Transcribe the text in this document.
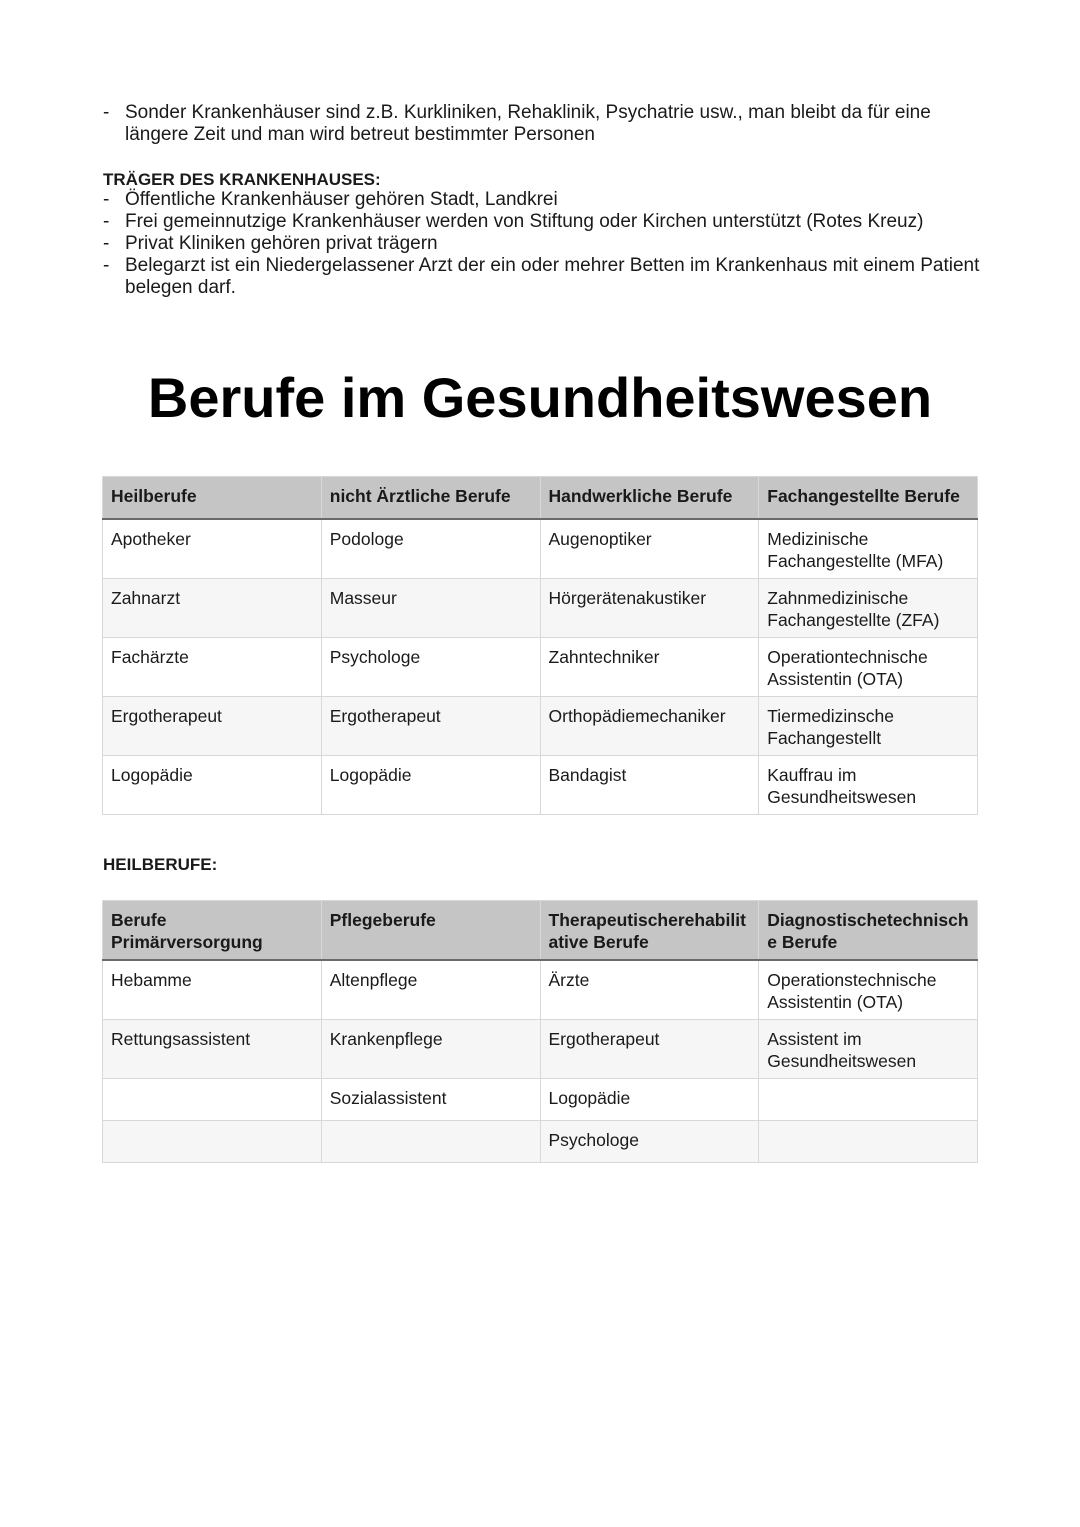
- Sonder Krankenhäuser sind z.B. Kurkliniken, Rehaklinik, Psychatrie usw., man bleibt da für eine längere Zeit und man wird betreut bestimmter Personen
TRÄGER DES KRANKENHAUSES:
- Öffentliche Krankenhäuser gehören Stadt, Landkrei
- Frei gemeinnutzige Krankenhäuser werden von Stiftung oder Kirchen unterstützt (Rotes Kreuz)
- Privat Kliniken gehören privat trägern
- Belegarzt ist ein Niedergelassener Arzt der ein oder mehrer Betten im Krankenhaus mit einem Patient belegen darf.
Berufe im Gesundheitswesen
Heilberufe	nicht Ärztliche Berufe	Handwerkliche Berufe	Fachangestellte Berufe
Apotheker	Podologe	Augenoptiker	Medizinische Fachangestellte (MFA)
Zahnarzt	Masseur	Hörgerätenakustiker	Zahnmedizinische Fachangestellte (ZFA)
Fachärzte	Psychologe	Zahntechniker	Operationtechnische Assistentin (OTA)
Ergotherapeut	Ergotherapeut	Orthopädiemechaniker	Tiermedizinsche Fachangestellt
Logopädie	Logopädie	Bandagist	Kauffrau im Gesundheitswesen
HEILBERUFE:
Berufe Primärversorgung	Pflegeberufe	Therapeutischerehabilitative Berufe	Diagnostischetechnische Berufe
Hebamme	Altenpflege	Ärzte	Operationstechnische Assistentin (OTA)
Rettungsassistent	Krankenpflege	Ergotherapeut	Assistent im Gesundheitswesen
	Sozialassistent	Logopädie	
		Psychologe	
